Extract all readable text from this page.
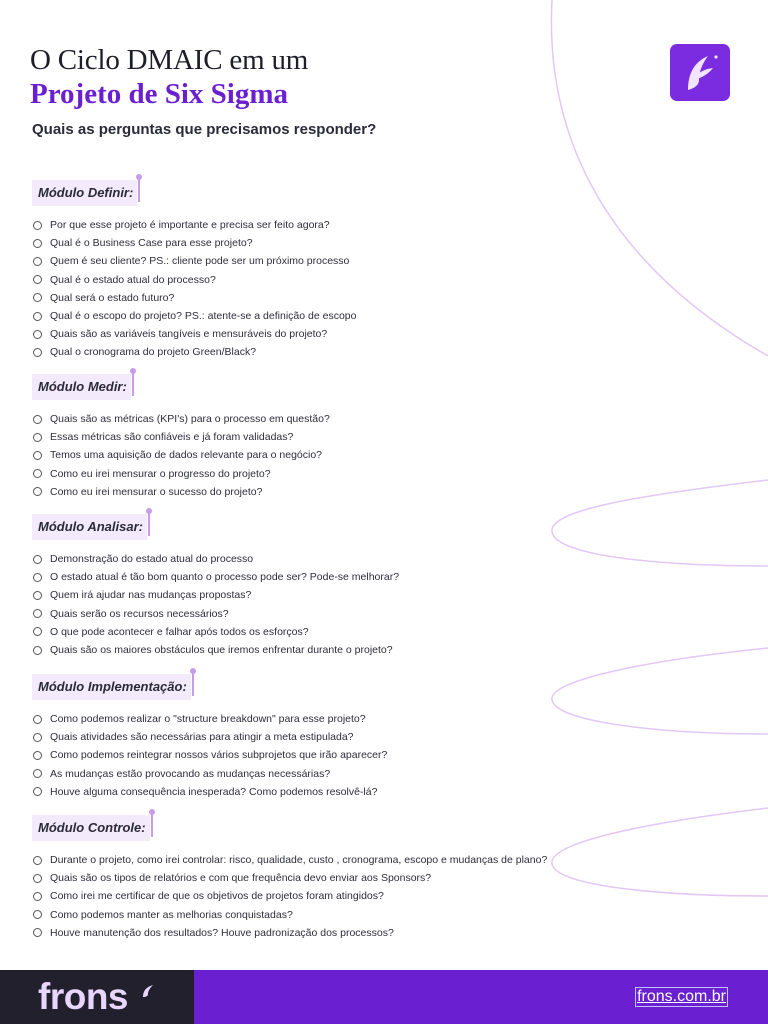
O Ciclo DMAIC em um
Projeto de Six Sigma
Quais as perguntas que precisamos responder?
Módulo Definir:
Por que esse projeto é importante e precisa ser feito agora?
Qual é o Business Case para esse projeto?
Quem é seu cliente? PS.: cliente pode ser um próximo processo
Qual é o estado atual do processo?
Qual será o estado futuro?
Qual é o escopo do projeto? PS.: atente-se a definição de escopo
Quais são as variáveis tangíveis e mensuráveis do projeto?
Qual o cronograma do projeto Green/Black?
Módulo Medir:
Quais são as métricas (KPI's) para o processo em questão?
Essas métricas são confiáveis e já foram validadas?
Temos uma aquisição de dados relevante para o negócio?
Como eu irei mensurar o progresso do projeto?
Como eu irei mensurar o sucesso do projeto?
Módulo Analisar:
Demonstração do estado atual do processo
O estado atual é tão bom quanto o processo pode ser? Pode-se melhorar?
Quem irá ajudar nas mudanças propostas?
Quais serão os recursos necessários?
O que pode acontecer e falhar após todos os esforços?
Quais são os maiores obstáculos que iremos enfrentar durante o projeto?
Módulo Implementação:
Como podemos realizar o "structure breakdown" para esse projeto?
Quais atividades são necessárias para atingir a meta estipulada?
Como podemos reintegrar nossos vários subprojetos que irão aparecer?
As mudanças estão provocando as mudanças necessárias?
Houve alguma consequência inesperada? Como podemos resolvê-lá?
Módulo Controle:
Durante o projeto, como irei controlar: risco, qualidade, custo , cronograma, escopo e mudanças de plano?
Quais são os tipos de relatórios e com que frequência devo enviar aos Sponsors?
Como irei me certificar de que os objetivos de projetos foram atingidos?
Como podemos manter as melhorias conquistadas?
Houve manutenção dos resultados? Houve padronização dos processos?
frons	frons.com.br
